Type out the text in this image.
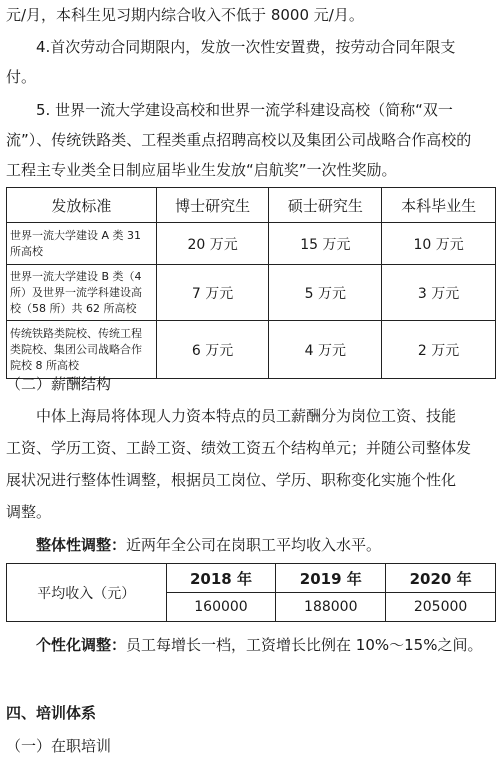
元/月，本科生见习期内综合收入不低于 8000 元/月。

4.首次劳动合同期限内，发放一次性安置费，按劳动合同年限支

付。

5. 世界一流大学建设高校和世界一流学科建设高校（简称“双一

流”）、传统铁路类、工程类重点招聘高校以及集团公司战略合作高校的

工程主专业类全日制应届毕业生发放“启航奖”一次性奖励。

发放标准	博士研究生	硕士研究生	本科毕业生
世界一流大学建设 A 类 31 所高校	20 万元	15 万元	10 万元
世界一流大学建设 B 类（4 所）及世界一流学科建设高校（58 所）共 62 所高校	7 万元	5 万元	3 万元
传统铁路类院校、传统工程类院校、集团公司战略合作院校 8 所高校	6 万元	4 万元	2 万元

（二）薪酬结构

中体上海局将体现人力资本特点的员工薪酬分为岗位工资、技能

工资、学历工资、工龄工资、绩效工资五个结构单元；并随公司整体发

展状况进行整体性调整，根据员工岗位、学历、职称变化实施个性化

调整。

整体性调整：近两年全公司在岗职工平均收入水平。

平均收入（元）	2018 年	2019 年	2020 年
	160000	188000	205000

个性化调整：员工每增长一档，工资增长比例在 10%～15%之间。

四、培训体系

（一）在职培训
